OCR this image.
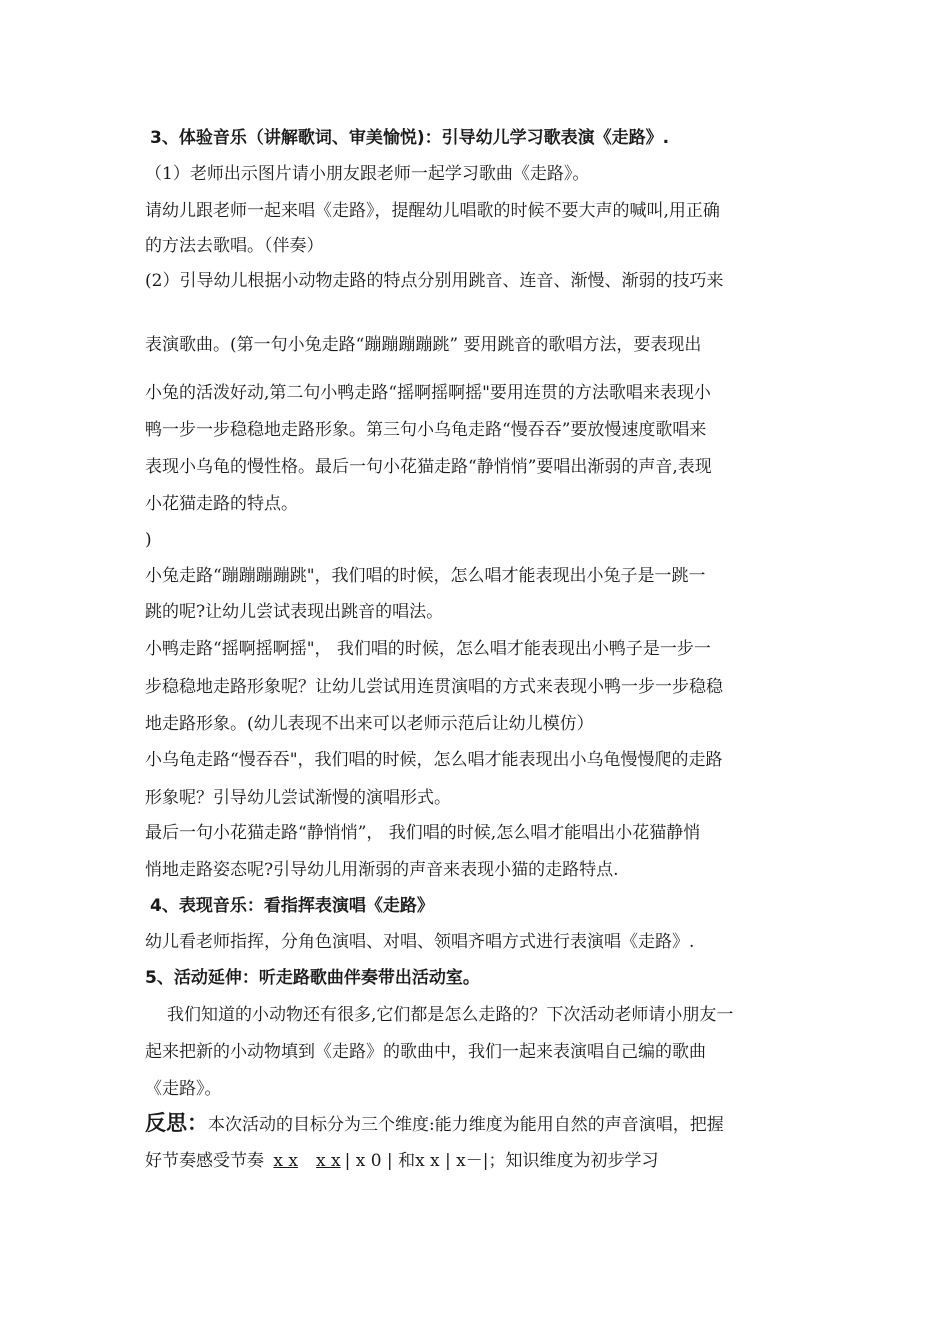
3、体验音乐（讲解歌词、审美愉悦)：引导幼儿学习歌表演《走路》.
（1）老师出示图片请小朋友跟老师一起学习歌曲《走路》。
请幼儿跟老师一起来唱《走路》，提醒幼儿唱歌的时候不要大声的喊叫,用正确
的方法去歌唱。（伴奏）
(2）引导幼儿根据小动物走路的特点分别用跳音、连音、渐慢、渐弱的技巧来
表演歌曲。(第一句小兔走路“蹦蹦蹦蹦跳” 要用跳音的歌唱方法，要表现出
小兔的活泼好动,第二句小鸭走路“摇啊摇啊摇"要用连贯的方法歌唱来表现小
鸭一步一步稳稳地走路形象。第三句小乌龟走路“慢吞吞”要放慢速度歌唱来
表现小乌龟的慢性格。最后一句小花猫走路“静悄悄”要唱出渐弱的声音,表现
小花猫走路的特点。
)
小兔走路“蹦蹦蹦蹦跳"，我们唱的时候，怎么唱才能表现出小兔子是一跳一
跳的呢?让幼儿尝试表现出跳音的唱法。
小鸭走路“摇啊摇啊摇"， 我们唱的时候，怎么唱才能表现出小鸭子是一步一
步稳稳地走路形象呢？让幼儿尝试用连贯演唱的方式来表现小鸭一步一步稳稳
地走路形象。(幼儿表现不出来可以老师示范后让幼儿模仿）
小乌龟走路“慢吞吞"，我们唱的时候，怎么唱才能表现出小乌龟慢慢爬的走路
形象呢？引导幼儿尝试渐慢的演唱形式。
最后一句小花猫走路“静悄悄”， 我们唱的时候,怎么唱才能唱出小花猫静悄
悄地走路姿态呢?引导幼儿用渐弱的声音来表现小猫的走路特点.
4、表现音乐：看指挥表演唱《走路》
幼儿看老师指挥，分角色演唱、对唱、领唱齐唱方式进行表演唱《走路》.
5、活动延伸：听走路歌曲伴奏带出活动室。
我们知道的小动物还有很多,它们都是怎么走路的？下次活动老师请小朋友一
起来把新的小动物填到《走路》的歌曲中，我们一起来表演唱自己编的歌曲
《走路》。
反思：本次活动的目标分为三个维度:能力维度为能用自然的声音演唱，把握
好节奏感受节奏 x x x x | x 0 | 和x x | x－|；知识维度为初步学习
